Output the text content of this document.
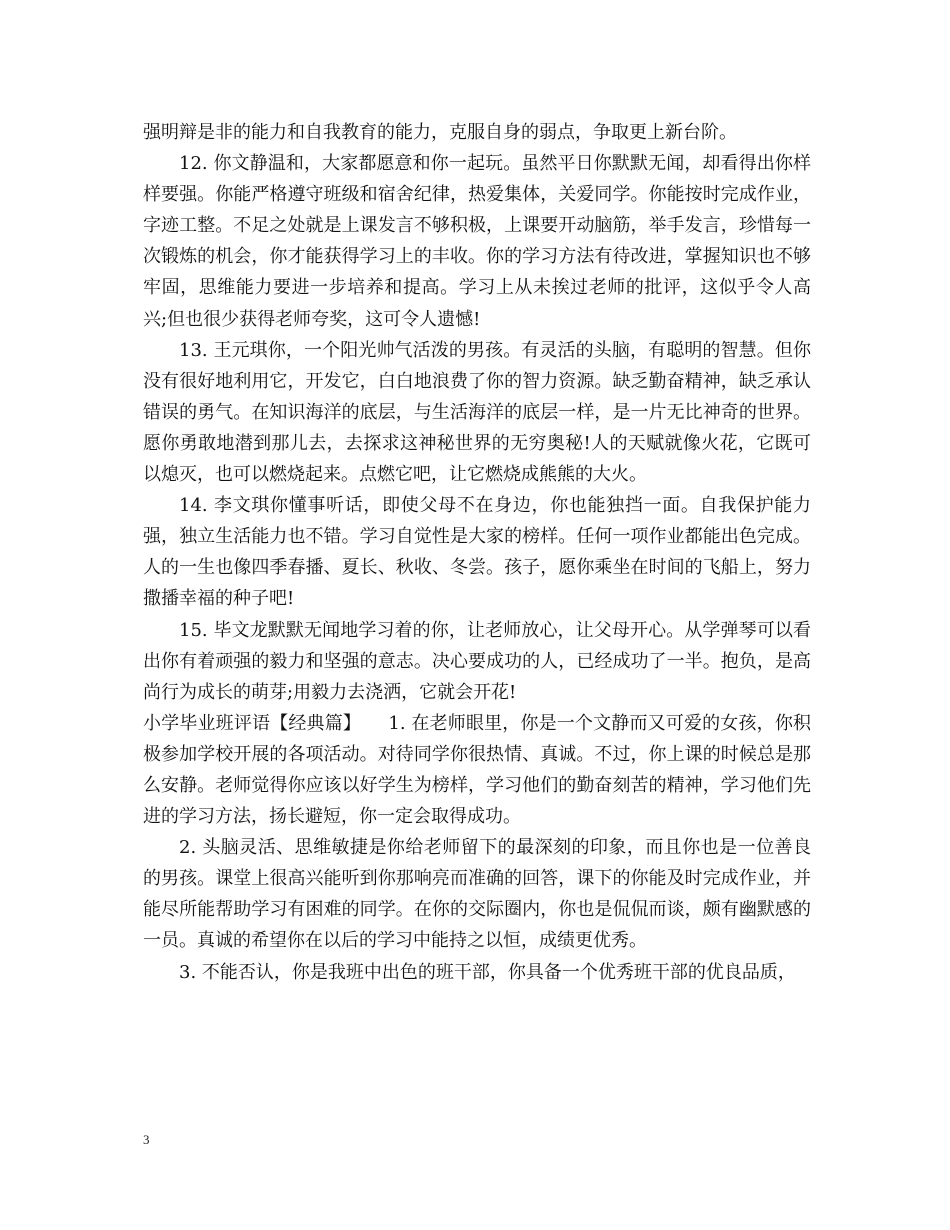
强明辩是非的能力和自我教育的能力，克服自身的弱点，争取更上新台阶。

12. 你文静温和，大家都愿意和你一起玩。虽然平日你默默无闻，却看得出你样样要强。你能严格遵守班级和宿舍纪律，热爱集体，关爱同学。你能按时完成作业，字迹工整。不足之处就是上课发言不够积极，上课要开动脑筋，举手发言，珍惜每一次锻炼的机会，你才能获得学习上的丰收。你的学习方法有待改进，掌握知识也不够牢固，思维能力要进一步培养和提高。学习上从未挨过老师的批评，这似乎令人高兴;但也很少获得老师夸奖，这可令人遗憾!

13. 王元琪你，一个阳光帅气活泼的男孩。有灵活的头脑，有聪明的智慧。但你没有很好地利用它，开发它，白白地浪费了你的智力资源。缺乏勤奋精神，缺乏承认错误的勇气。在知识海洋的底层，与生活海洋的底层一样，是一片无比神奇的世界。愿你勇敢地潜到那儿去，去探求这神秘世界的无穷奥秘!人的天赋就像火花，它既可以熄灭，也可以燃烧起来。点燃它吧，让它燃烧成熊熊的大火。

14. 李文琪你懂事听话，即使父母不在身边，你也能独挡一面。自我保护能力强，独立生活能力也不错。学习自觉性是大家的榜样。任何一项作业都能出色完成。人的一生也像四季春播、夏长、秋收、冬尝。孩子，愿你乘坐在时间的飞船上，努力撒播幸福的种子吧!

15. 毕文龙默默无闻地学习着的你，让老师放心，让父母开心。从学弹琴可以看出你有着顽强的毅力和坚强的意志。决心要成功的人，已经成功了一半。抱负，是高尚行为成长的萌芽;用毅力去浇洒，它就会开花!

小学毕业班评语【经典篇】　　1. 在老师眼里，你是一个文静而又可爱的女孩，你积极参加学校开展的各项活动。对待同学你很热情、真诚。不过，你上课的时候总是那么安静。老师觉得你应该以好学生为榜样，学习他们的勤奋刻苦的精神，学习他们先进的学习方法，扬长避短，你一定会取得成功。

2. 头脑灵活、思维敏捷是你给老师留下的最深刻的印象，而且你也是一位善良的男孩。课堂上很高兴能听到你那响亮而准确的回答，课下的你能及时完成作业，并能尽所能帮助学习有困难的同学。在你的交际圈内，你也是侃侃而谈，颇有幽默感的一员。真诚的希望你在以后的学习中能持之以恒，成绩更优秀。

3. 不能否认，你是我班中出色的班干部，你具备一个优秀班干部的优良品质，

3
